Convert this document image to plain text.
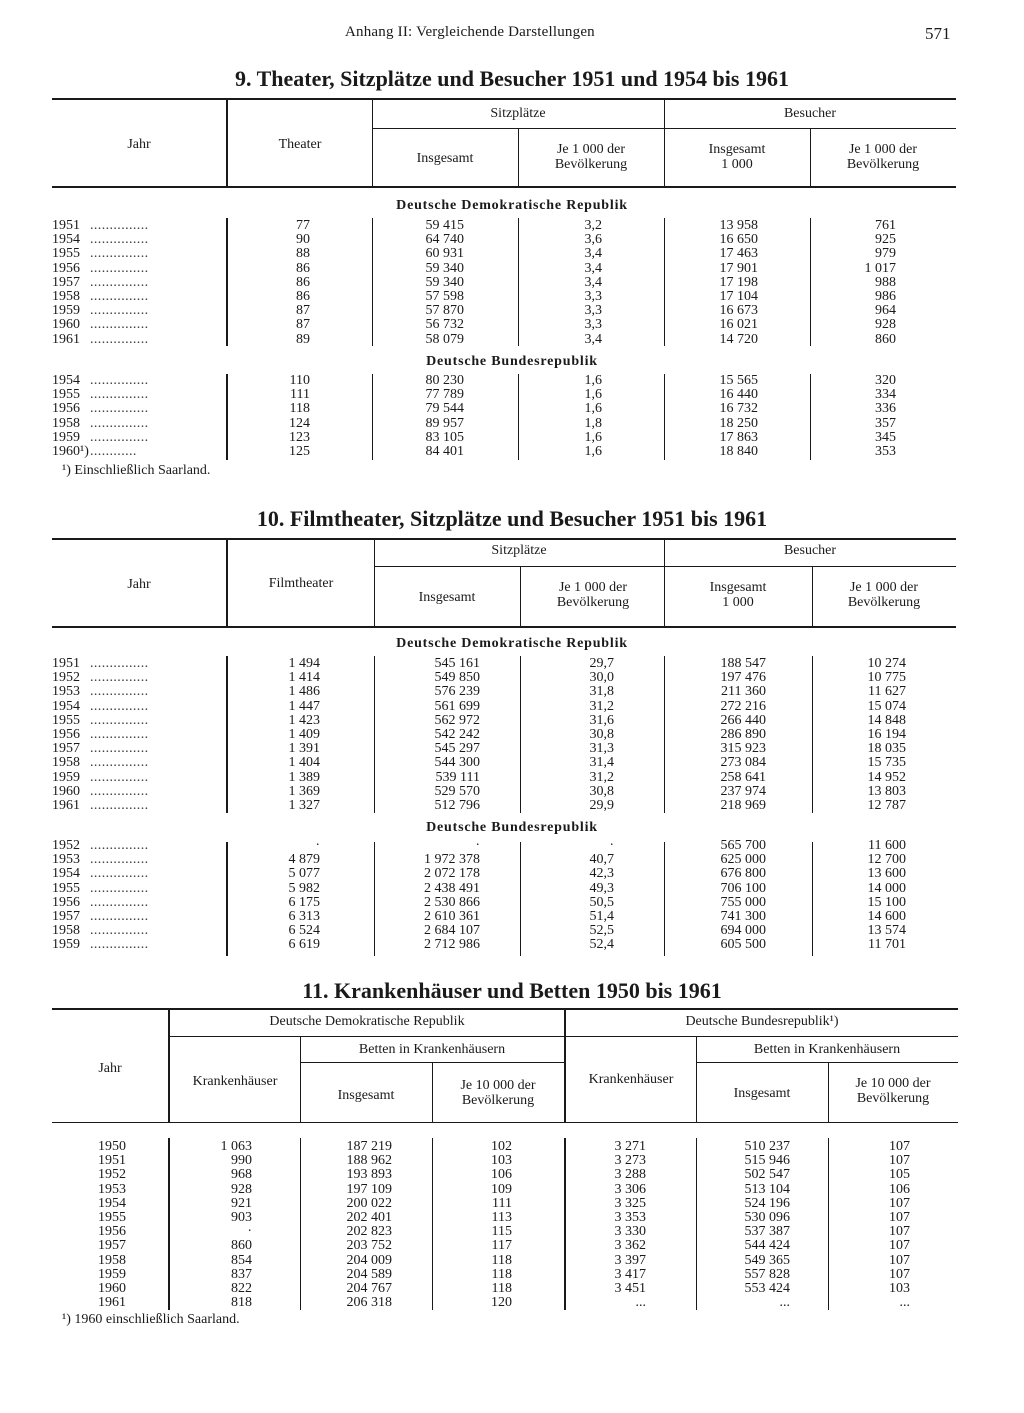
Anhang II: Vergleichende Darstellungen	571
9. Theater, Sitzplätze und Besucher 1951 und 1954 bis 1961
Jahr	Theater
Sitzplätze	Besucher
Insgesamt
Je 1 000 der
Bevölkerung
Insgesamt
1 000
Je 1 000 der
Bevölkerung
Deutsche Demokratische Republik
Deutsche Bundesrepublik
1951 ...............	77	59 415	3,2	13 958	761
1954 ...............	90	64 740	3,6	16 650	925
1955 ...............	88	60 931	3,4	17 463	979
1956 ...............	86	59 340	3,4	17 901	1 017
1957 ...............	86	59 340	3,4	17 198	988
1958 ...............	86	57 598	3,3	17 104	986
1959 ...............	87	57 870	3,3	16 673	964
1960 ...............	87	56 732	3,3	16 021	928
1961 ...............	89	58 079	3,4	14 720	860
1954 ...............	110	80 230	1,6	15 565	320
1955 ...............	111	77 789	1,6	16 440	334
1956 ...............	118	79 544	1,6	16 732	336
1958 ...............	124	89 957	1,8	18 250	357
1959 ...............	123	83 105	1,6	17 863	345
1960¹) ............	125	84 401	1,6	18 840	353
¹) Einschließlich Saarland.
10. Filmtheater, Sitzplätze und Besucher 1951 bis 1961
Jahr	Filmtheater
Sitzplätze	Besucher
Insgesamt
Je 1 000 der
Bevölkerung
Insgesamt
1 000
Je 1 000 der
Bevölkerung
Deutsche Demokratische Republik
Deutsche Bundesrepublik
1951 ...............	1 494	545 161	29,7	188 547	10 274
1952 ...............	1 414	549 850	30,0	197 476	10 775
1953 ...............	1 486	576 239	31,8	211 360	11 627
1954 ...............	1 447	561 699	31,2	272 216	15 074
1955 ...............	1 423	562 972	31,6	266 440	14 848
1956 ...............	1 409	542 242	30,8	286 890	16 194
1957 ...............	1 391	545 297	31,3	315 923	18 035
1958 ...............	1 404	544 300	31,4	273 084	15 735
1959 ...............	1 389	539 111	31,2	258 641	14 952
1960 ...............	1 369	529 570	30,8	237 974	13 803
1961 ...............	1 327	512 796	29,9	218 969	12 787
1952 ...............	·	·	·	565 700	11 600
1953 ...............	4 879	1 972 378	40,7	625 000	12 700
1954 ...............	5 077	2 072 178	42,3	676 800	13 600
1955 ...............	5 982	2 438 491	49,3	706 100	14 000
1956 ...............	6 175	2 530 866	50,5	755 000	15 100
1957 ...............	6 313	2 610 361	51,4	741 300	14 600
1958 ...............	6 524	2 684 107	52,5	694 000	13 574
1959 ...............	6 619	2 712 986	52,4	605 500	11 701
11. Krankenhäuser und Betten 1950 bis 1961
Jahr
Deutsche Demokratische Republik	Deutsche Bundesrepublik¹)
Krankenhäuser	Krankenhäuser
Betten in Krankenhäusern	Betten in Krankenhäusern
Insgesamt	Insgesamt
Je 10 000 der
Bevölkerung
Je 10 000 der
Bevölkerung
1950	1 063	187 219	102	3 271	510 237	107
1951	990	188 962	103	3 273	515 946	107
1952	968	193 893	106	3 288	502 547	105
1953	928	197 109	109	3 306	513 104	106
1954	921	200 022	111	3 325	524 196	107
1955	903	202 401	113	3 353	530 096	107
1956	·	202 823	115	3 330	537 387	107
1957	860	203 752	117	3 362	544 424	107
1958	854	204 009	118	3 397	549 365	107
1959	837	204 589	118	3 417	557 828	107
1960	822	204 767	118	3 451	553 424	103
1961	818	206 318	120	...	...	...
¹) 1960 einschließlich Saarland.
